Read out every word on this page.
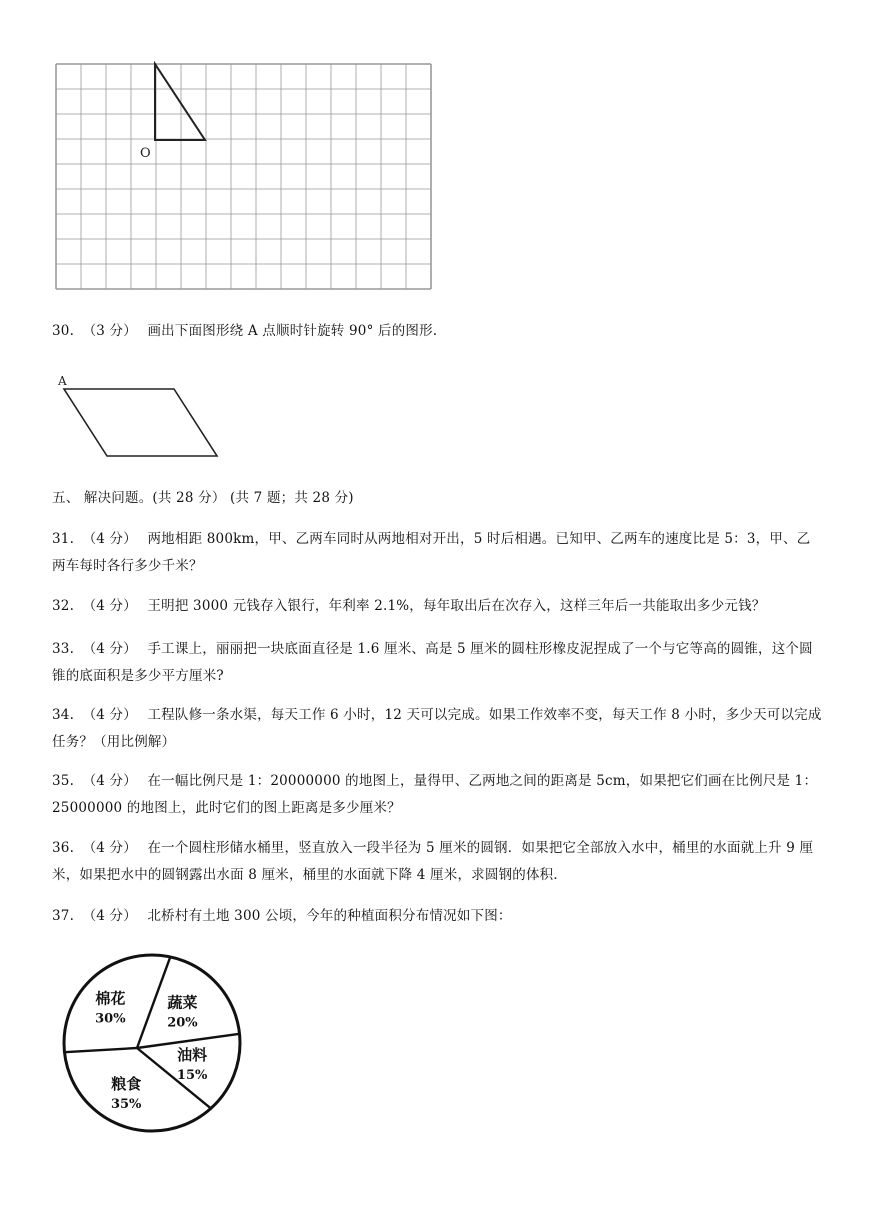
O
30. （3 分） 画出下面图形绕 A 点顺时针旋转 90° 后的图形.
A
五、 解决问题。(共 28 分） (共 7 题；共 28 分)
31. （4 分） 两地相距 800km，甲、乙两车同时从两地相对开出，5 时后相遇。已知甲、乙两车的速度比是 5：3，甲、乙两车每时各行多少千米？
32. （4 分） 王明把 3000 元钱存入银行，年利率 2.1%，每年取出后在次存入，这样三年后一共能取出多少元钱？
33. （4 分） 手工课上，丽丽把一块底面直径是 1.6 厘米、高是 5 厘米的圆柱形橡皮泥捏成了一个与它等高的圆锥，这个圆锥的底面积是多少平方厘米?
34. （4 分） 工程队修一条水渠，每天工作 6 小时，12 天可以完成。如果工作效率不变，每天工作 8 小时，多少天可以完成任务？（用比例解）
35. （4 分） 在一幅比例尺是 1：20000000 的地图上，量得甲、乙两地之间的距离是 5cm，如果把它们画在比例尺是 1：25000000 的地图上，此时它们的图上距离是多少厘米？
36. （4 分） 在一个圆柱形储水桶里，竖直放入一段半径为 5 厘米的圆钢．如果把它全部放入水中，桶里的水面就上升 9 厘米，如果把水中的圆钢露出水面 8 厘米，桶里的水面就下降 4 厘米，求圆钢的体积．
37. （4 分） 北桥村有土地 300 公顷，今年的种植面积分布情况如下图：
蔬菜
20%
油料
15%
粮食
35%
棉花
30%
